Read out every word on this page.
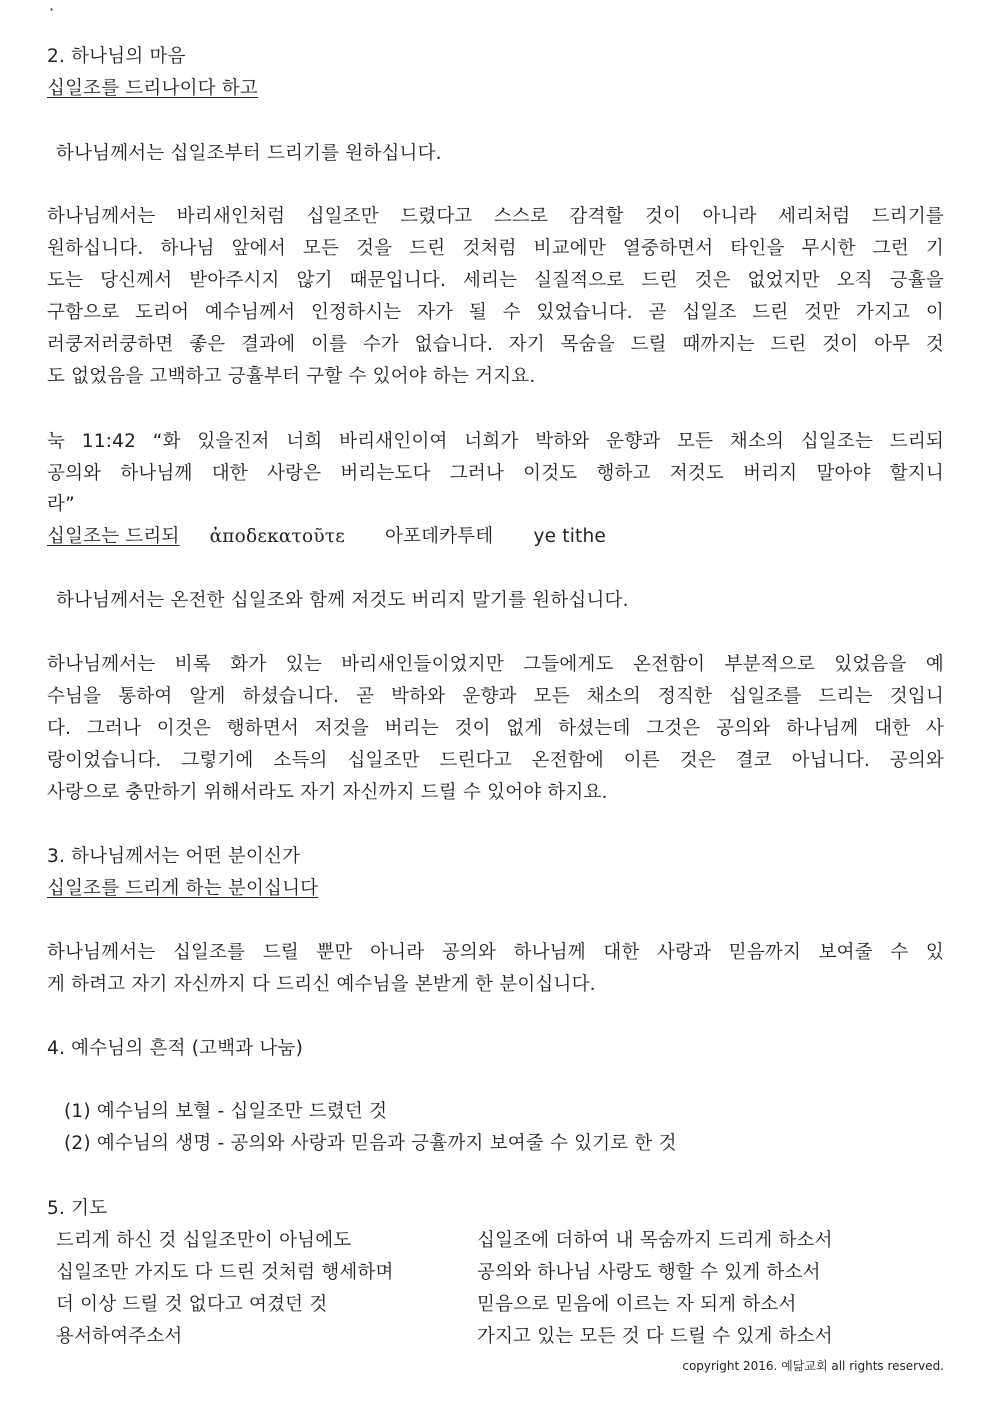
·
2. 하나님의 마음
십일조를 드리나이다 하고
하나님께서는 십일조부터 드리기를 원하십니다.
하나님께서는 바리새인처럼 십일조만 드렸다고 스스로 감격할 것이 아니라 세리처럼 드리기를
원하십니다. 하나님 앞에서 모든 것을 드린 것처럼 비교에만 열중하면서 타인을 무시한 그런 기
도는 당신께서 받아주시지 않기 때문입니다. 세리는 실질적으로 드린 것은 없었지만 오직 긍휼을
구함으로 도리어 예수님께서 인정하시는 자가 될 수 있었습니다. 곧 십일조 드린 것만 가지고 이
러쿵저러쿵하면 좋은 결과에 이를 수가 없습니다. 자기 목숨을 드릴 때까지는 드린 것이 아무 것
도 없었음을 고백하고 긍휼부터 구할 수 있어야 하는 거지요.
눅 11:42 “화 있을진저 너희 바리새인이여 너희가 박하와 운향과 모든 채소의 십일조는 드리되
공의와 하나님께 대한 사랑은 버리는도다 그러나 이것도 행하고 저것도 버리지 말아야 할지니
라”
십일조는 드리되 ἀποδεκατοῦτε 아포데카투테 ye tithe
하나님께서는 온전한 십일조와 함께 저것도 버리지 말기를 원하십니다.
하나님께서는 비록 화가 있는 바리새인들이었지만 그들에게도 온전함이 부분적으로 있었음을 예
수님을 통하여 알게 하셨습니다. 곧 박하와 운향과 모든 채소의 정직한 십일조를 드리는 것입니
다. 그러나 이것은 행하면서 저것을 버리는 것이 없게 하셨는데 그것은 공의와 하나님께 대한 사
랑이었습니다. 그렇기에 소득의 십일조만 드린다고 온전함에 이른 것은 결코 아닙니다. 공의와
사랑으로 충만하기 위해서라도 자기 자신까지 드릴 수 있어야 하지요.
3. 하나님께서는 어떤 분이신가
십일조를 드리게 하는 분이십니다
하나님께서는 십일조를 드릴 뿐만 아니라 공의와 하나님께 대한 사랑과 믿음까지 보여줄 수 있
게 하려고 자기 자신까지 다 드리신 예수님을 본받게 한 분이십니다.
4. 예수님의 흔적 (고백과 나눔)
(1) 예수님의 보혈 - 십일조만 드렸던 것
(2) 예수님의 생명 - 공의와 사랑과 믿음과 긍휼까지 보여줄 수 있기로 한 것
5. 기도
드리게 하신 것 십일조만이 아님에도
십일조만 가지도 다 드린 것처럼 행세하며
더 이상 드릴 것 없다고 여겼던 것
용서하여주소서
십일조에 더하여 내 목숨까지 드리게 하소서
공의와 하나님 사랑도 행할 수 있게 하소서
믿음으로 믿음에 이르는 자 되게 하소서
가지고 있는 모든 것 다 드릴 수 있게 하소서
copyright 2016. 예닮교회 all rights reserved.
